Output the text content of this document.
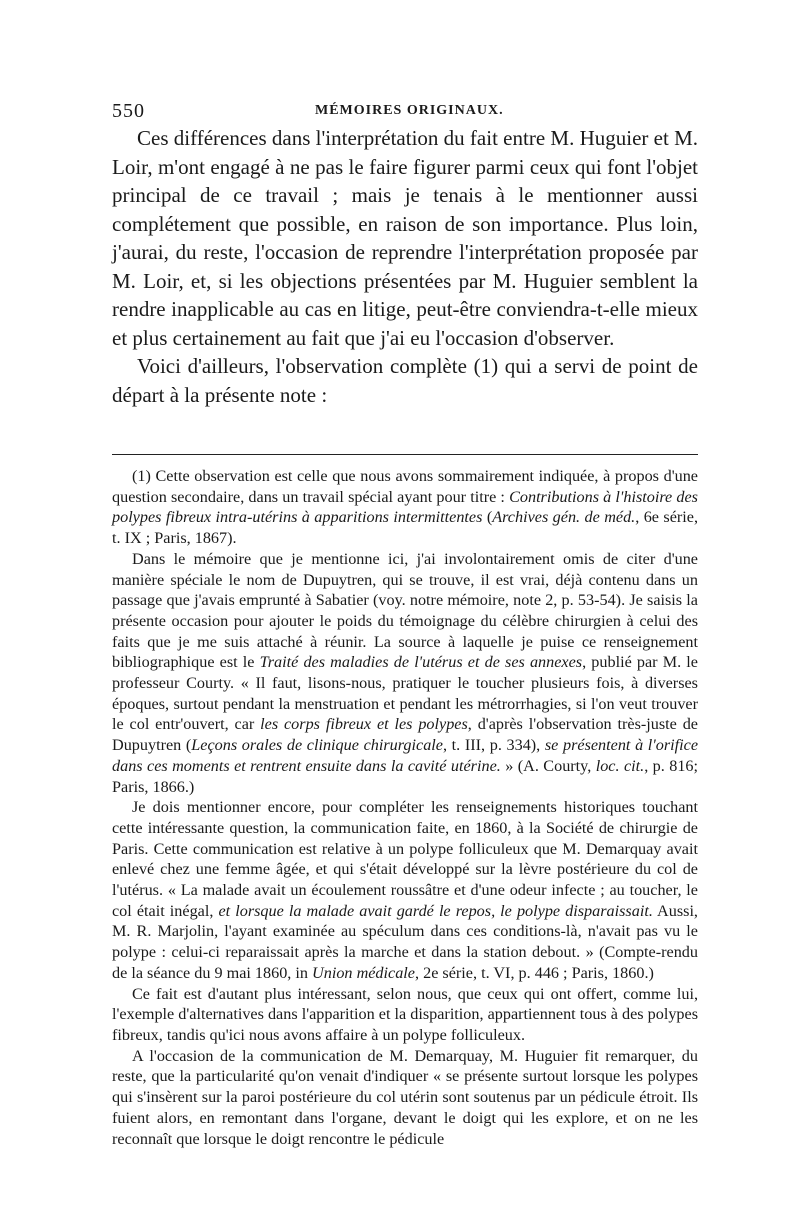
550	MÉMOIRES ORIGINAUX.

Ces différences dans l'interprétation du fait entre M. Huguier et M. Loir, m'ont engagé à ne pas le faire figurer parmi ceux qui font l'objet principal de ce travail ; mais je tenais à le mentionner aussi complétement que possible, en raison de son importance. Plus loin, j'aurai, du reste, l'occasion de reprendre l'interprétation proposée par M. Loir, et, si les objections présentées par M. Huguier semblent la rendre inapplicable au cas en litige, peut-être conviendra-t-elle mieux et plus certainement au fait que j'ai eu l'occasion d'observer.

Voici d'ailleurs, l'observation complète (1) qui a servi de point de départ à la présente note :

(1) Cette observation est celle que nous avons sommairement indiquée, à propos d'une question secondaire, dans un travail spécial ayant pour titre : Contributions à l'histoire des polypes fibreux intra-utérins à apparitions intermittentes (Archives gén. de méd., 6e série, t. IX ; Paris, 1867).

Dans le mémoire que je mentionne ici, j'ai involontairement omis de citer d'une manière spéciale le nom de Dupuytren, qui se trouve, il est vrai, déjà contenu dans un passage que j'avais emprunté à Sabatier (voy. notre mémoire, note 2, p. 53-54). Je saisis la présente occasion pour ajouter le poids du témoignage du célèbre chirurgien à celui des faits que je me suis attaché à réunir. La source à laquelle je puise ce renseignement bibliographique est le Traité des maladies de l'utérus et de ses annexes, publié par M. le professeur Courty. « Il faut, lisons-nous, pratiquer le toucher plusieurs fois, à diverses époques, surtout pendant la menstruation et pendant les métrorrhagies, si l'on veut trouver le col entr'ouvert, car les corps fibreux et les polypes, d'après l'observation très-juste de Dupuytren (Leçons orales de clinique chirurgicale, t. III, p. 334), se présentent à l'orifice dans ces moments et rentrent ensuite dans la cavité utérine. » (A. Courty, loc. cit., p. 816; Paris, 1866.)

Je dois mentionner encore, pour compléter les renseignements historiques touchant cette intéressante question, la communication faite, en 1860, à la Société de chirurgie de Paris. Cette communication est relative à un polype folliculeux que M. Demarquay avait enlevé chez une femme âgée, et qui s'était développé sur la lèvre postérieure du col de l'utérus. « La malade avait un écoulement roussâtre et d'une odeur infecte ; au toucher, le col était inégal, et lorsque la malade avait gardé le repos, le polype disparaissait. Aussi, M. R. Marjolin, l'ayant examinée au spéculum dans ces conditions-là, n'avait pas vu le polype : celui-ci reparaissait après la marche et dans la station debout. » (Compte-rendu de la séance du 9 mai 1860, in Union médicale, 2e série, t. VI, p. 446 ; Paris, 1860.)

Ce fait est d'autant plus intéressant, selon nous, que ceux qui ont offert, comme lui, l'exemple d'alternatives dans l'apparition et la disparition, appartiennent tous à des polypes fibreux, tandis qu'ici nous avons affaire à un polype folliculeux.

A l'occasion de la communication de M. Demarquay, M. Huguier fit remarquer, du reste, que la particularité qu'on venait d'indiquer « se présente surtout lorsque les polypes qui s'insèrent sur la paroi postérieure du col utérin sont soutenus par un pédicule étroit. Ils fuient alors, en remontant dans l'organe, devant le doigt qui les explore, et on ne les reconnaît que lorsque le doigt rencontre le pédicule
